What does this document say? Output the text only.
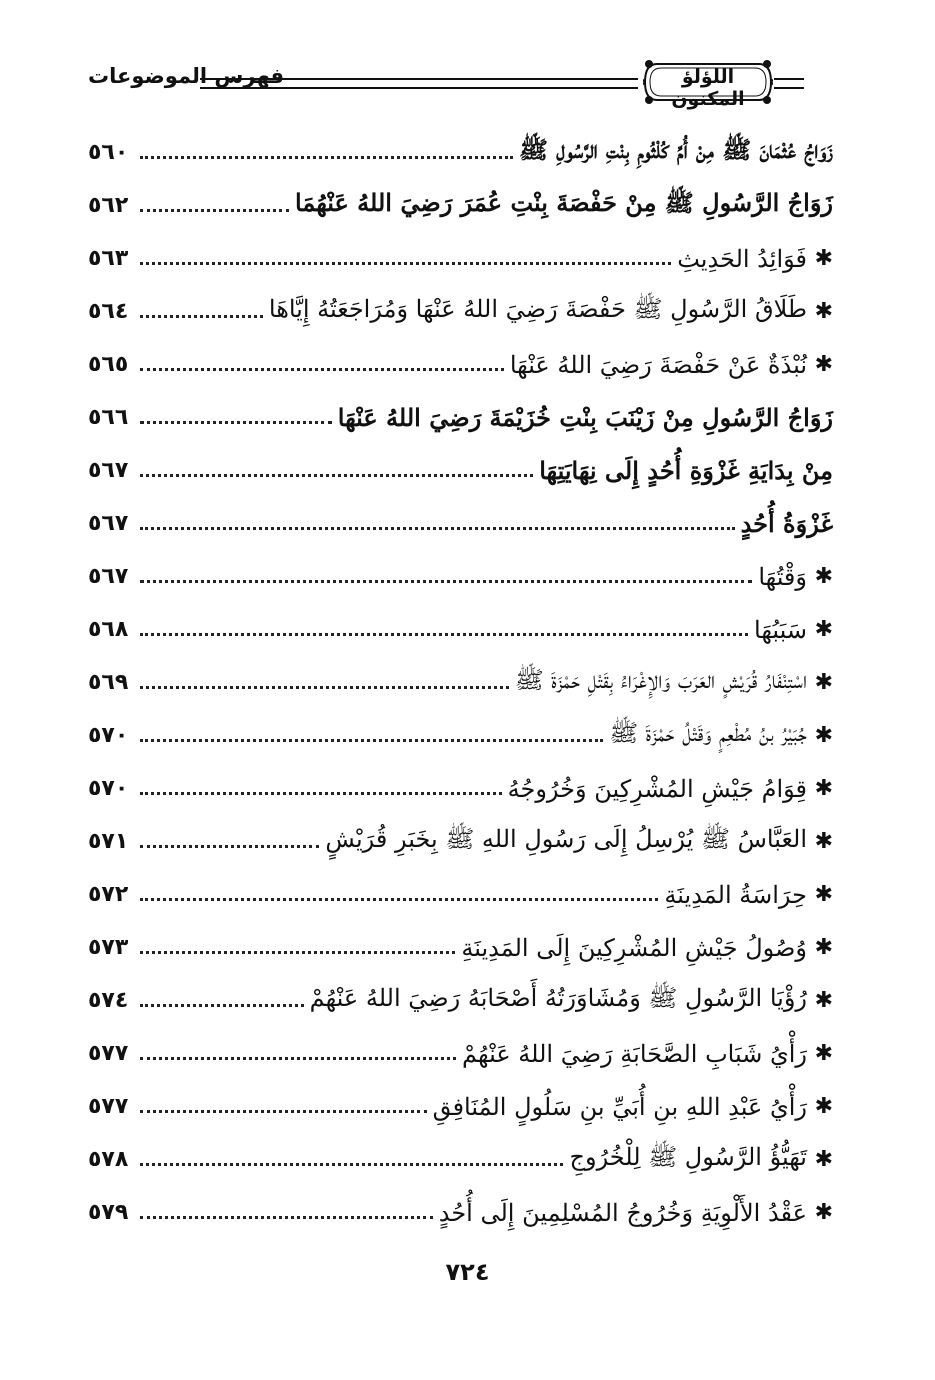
فهرس الموضوعات	اللؤلؤ المكنون
زَوَاجُ عُثْمَانَ ﷺ مِنْ أُمِّ كُلْثُومِ بِنْتِ الرَّسُولِ ﷺ
٥٦٠
زَوَاجُ الرَّسُولِ ﷺ مِنْ حَفْصَةَ بِنْتِ عُمَرَ رَضِيَ اللهُ عَنْهُمَا
٥٦٢
✱
فَوَائِدُ الحَدِيثِ
٥٦٣
✱
طَلَاقُ الرَّسُولِ ﷺ حَفْصَةَ رَضِيَ اللهُ عَنْهَا وَمُرَاجَعَتُهُ إِيَّاهَا
٥٦٤
✱
نُبْذَةٌ عَنْ حَفْصَةَ رَضِيَ اللهُ عَنْهَا
٥٦٥
زَوَاجُ الرَّسُولِ مِنْ زَيْنَبَ بِنْتِ خُزَيْمَةَ رَضِيَ اللهُ عَنْهَا
٥٦٦
مِنْ بِدَايَةِ غَزْوَةِ أُحُدٍ إِلَى نِهَايَتِهَا
٥٦٧
غَزْوَةُ أُحُدٍ
٥٦٧
✱
وَقْتُهَا
٥٦٧
✱
سَبَبُهَا
٥٦٨
✱
اسْتِنْفَارُ قُرَيْشٍ العَرَبَ وَالإِغْرَاءُ بِقَتْلِ حَمْزَةَ ﷺ
٥٦٩
✱
جُبَيْرُ بنُ مُطْعِمٍ وَقَتْلُ حَمْزَةَ ﷺ
٥٧٠
✱
قِوَامُ جَيْشِ المُشْرِكِينَ وَخُرُوجُهُ
٥٧٠
✱
العَبَّاسُ ﷺ يُرْسِلُ إِلَى رَسُولِ اللهِ ﷺ بِخَبَرِ قُرَيْشٍ
٥٧١
✱
حِرَاسَةُ المَدِينَةِ
٥٧٢
✱
وُصُولُ جَيْشِ المُشْرِكِينَ إِلَى المَدِينَةِ
٥٧٣
✱
رُؤْيَا الرَّسُولِ ﷺ وَمُشَاوَرَتُهُ أَصْحَابَهُ رَضِيَ اللهُ عَنْهُمْ
٥٧٤
✱
رَأْيُ شَبَابِ الصَّحَابَةِ رَضِيَ اللهُ عَنْهُمْ
٥٧٧
✱
رَأْيُ عَبْدِ اللهِ بنِ أُبَيِّ بنِ سَلُولٍ المُنَافِقِ
٥٧٧
✱
تَهَيُّؤُ الرَّسُولِ ﷺ لِلْخُرُوجِ
٥٧٨
✱
عَقْدُ الأَلْوِيَةِ وَخُرُوجُ المُسْلِمِينَ إِلَى أُحُدٍ
٥٧٩
٧٢٤
